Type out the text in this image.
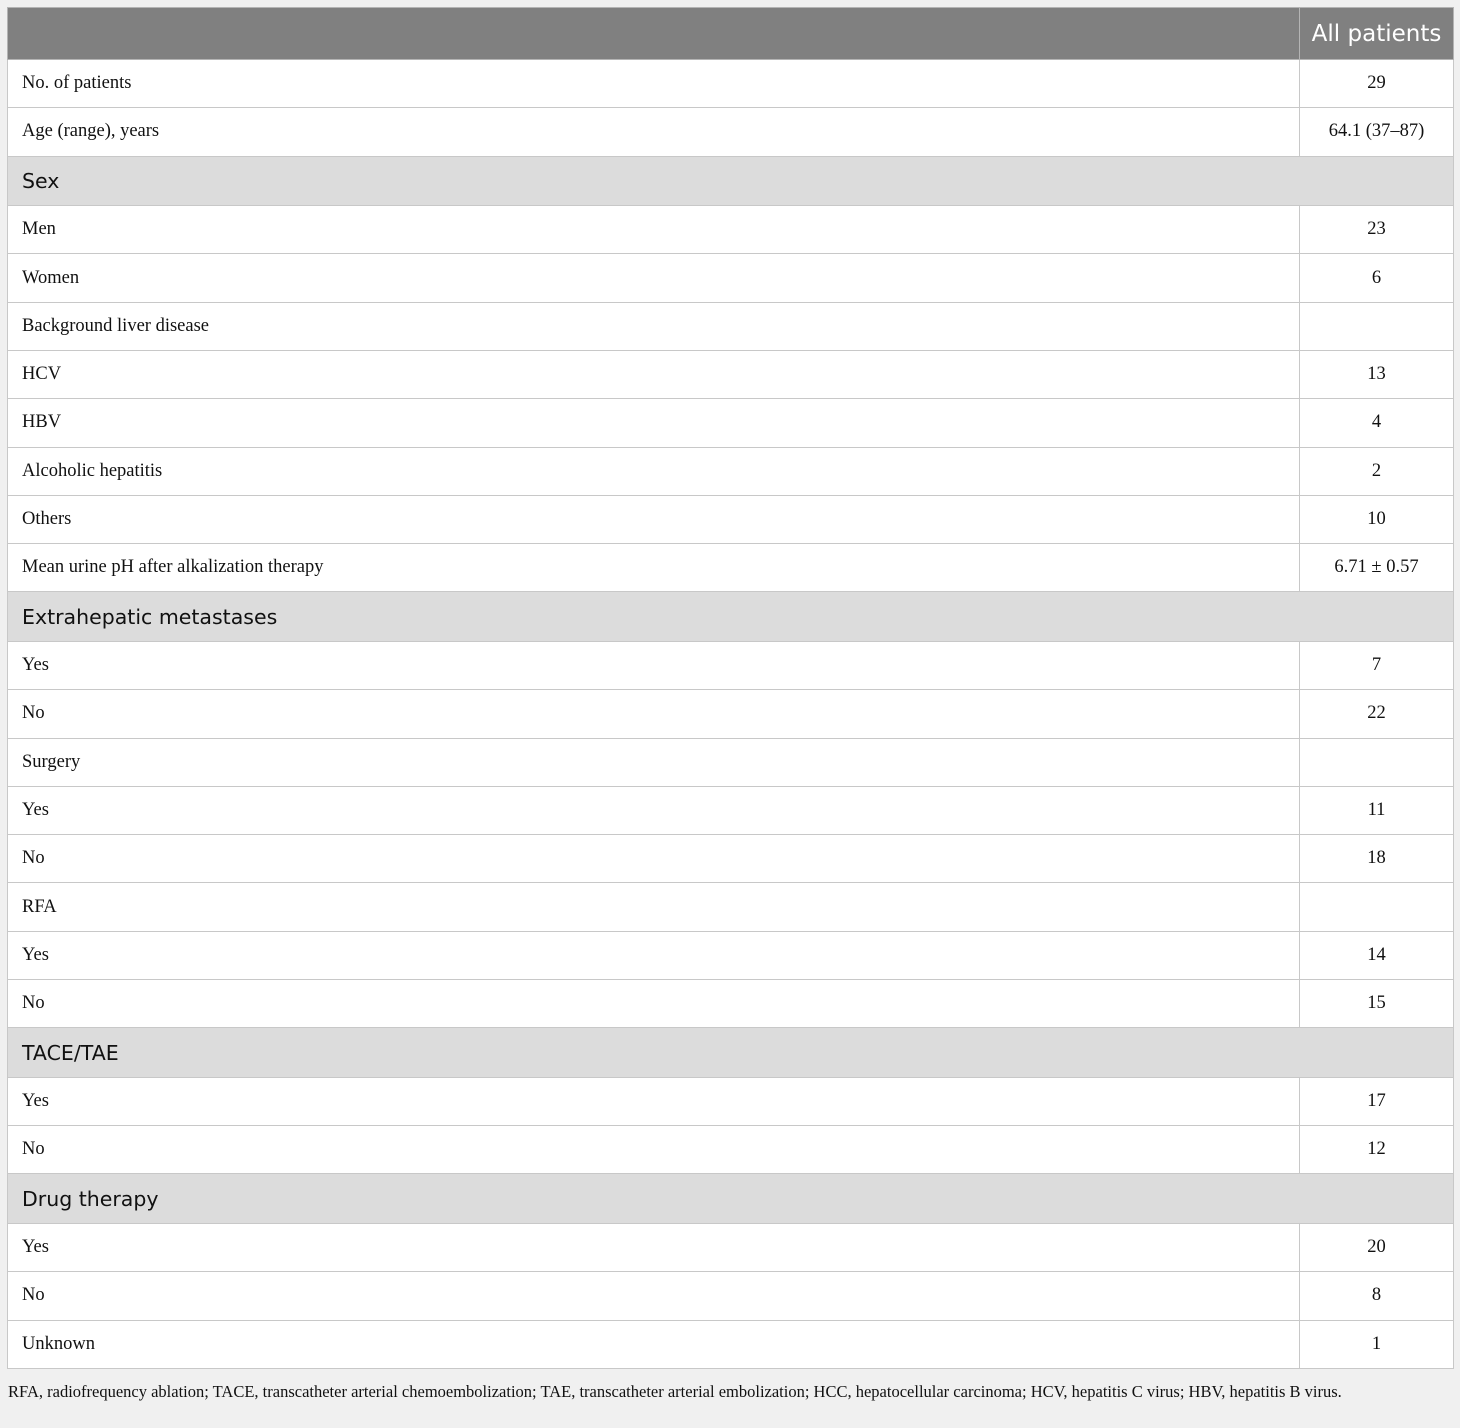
	All patients
No. of patients	29
Age (range), years	64.1 (37–87)
Sex	
Men	23
Women	6
Background liver disease	
HCV	13
HBV	4
Alcoholic hepatitis	2
Others	10
Mean urine pH after alkalization therapy	6.71 ± 0.57
Extrahepatic metastases	
Yes	7
No	22
Surgery	
Yes	11
No	18
RFA	
Yes	14
No	15
TACE/TAE	
Yes	17
No	12
Drug therapy	
Yes	20
No	8
Unknown	1

RFA, radiofrequency ablation; TACE, transcatheter arterial chemoembolization; TAE, transcatheter arterial embolization; HCC, hepatocellular carcinoma; HCV, hepatitis C virus; HBV, hepatitis B virus.
